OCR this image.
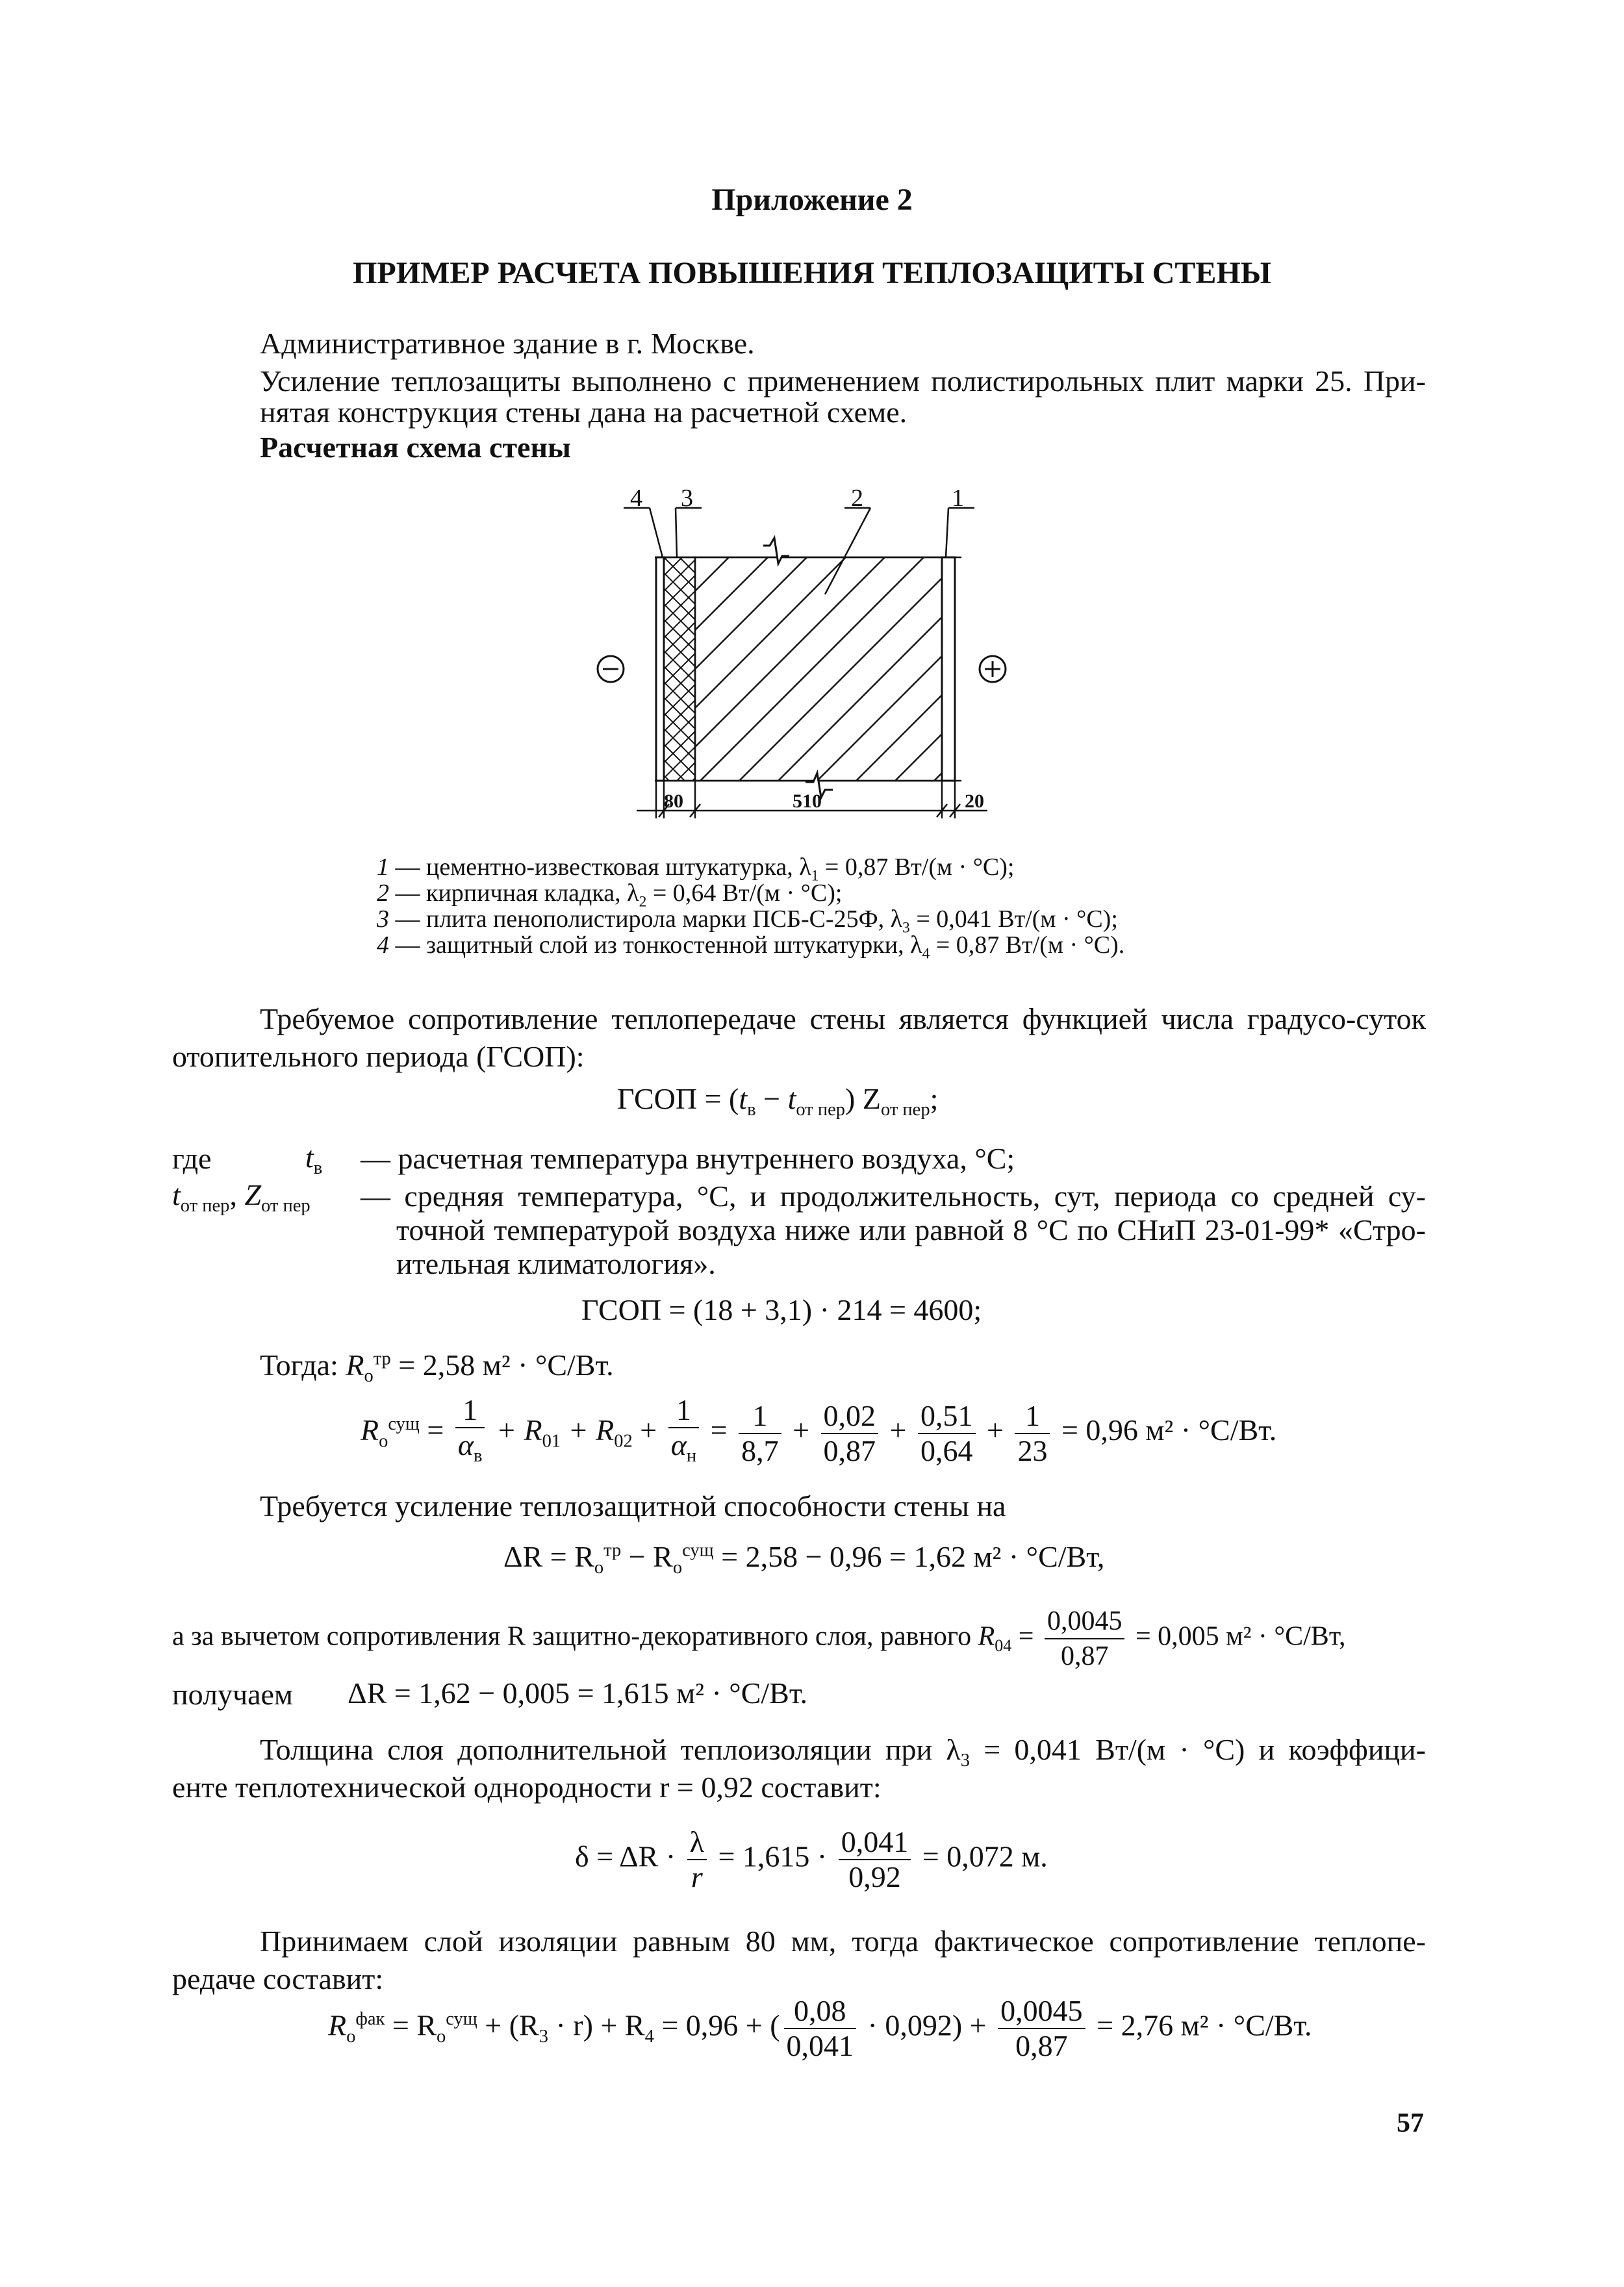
Приложение 2
ПРИМЕР РАСЧЕТА ПОВЫШЕНИЯ ТЕПЛОЗАЩИТЫ СТЕНЫ
Административное здание в г. Москве.
Усиление теплозащиты выполнено с применением полистирольных плит марки 25. При-
нятая конструкция стены дана на расчетной схеме.
Расчетная схема стены
4 3	2	1
80	510	20
1 — цементно-известковая штукатурка, $\lambda_1 = 0,87$ Вт/(м · °С);
2 — кирпичная кладка, $\lambda_2 = 0,64$ Вт/(м · °С);
3 — плита пенополистирола марки ПСБ-С-25Ф, $\lambda_3 = 0,041$ Вт/(м · °С);
4 — защитный слой из тонкостенной штукатурки, $\lambda_4 = 0,87$ Вт/(м · °С).
Требуемое сопротивление теплопередаче стены является функцией числа градусо-суток
отопительного периода (ГСОП):
ГСОП = $(t_в - t_{от пер})$ $Z_{от пер}$;
где	$t_в$ — расчетная температура внутреннего воздуха, °С;
$t_{от пер}$, $Z_{от пер}$ — средняя температура, °С, и продолжительность, сут, периода со средней су-
точной температурой воздуха ниже или равной 8 °С по СНиП 23-01-99* «Стро-
ительная климатология».
ГСОП = (18 + 3,1) · 214 = 4600;
Тогда: $R_о^{тр} = 2,58$ м² · °С/Вт.
$R_о^{сущ} = \frac{1}{\alpha_в} + R_{01} + R_{02} + \frac{1}{\alpha_н} = \frac{1}{8,7} + \frac{0,02}{0,87} + \frac{0,51}{0,64} + \frac{1}{23} = 0,96$ м² · °С/Вт.
Требуется усиление теплозащитной способности стены на
$\Delta R = R_о^{тр} - R_о^{сущ} = 2,58 - 0,96 = 1,62$ м² · °С/Вт,
а за вычетом сопротивления R защитно-декоративного слоя, равного $R_{04} = \frac{0,0045}{0,87} = 0,005$ м² · °С/Вт,
получаем ΔR = 1,62 − 0,005 = 1,615 м² · °С/Вт.
Толщина слоя дополнительной теплоизоляции при $\lambda_3 = 0,041$ Вт/(м · °С) и коэффици-
енте теплотехнической однородности r = 0,92 составит:
$\delta = \Delta R \cdot \frac{\lambda}{r} = 1,615 \cdot \frac{0,041}{0,92} = 0,072$ м.
Принимаем слой изоляции равным 80 мм, тогда фактическое сопротивление теплопе-
редаче составит:
$R_о^{фак} = R_о^{сущ} + (R_3 \cdot r) + R_4 = 0,96$ + ( $\frac{0,08}{0,041} \cdot 0,092) + \frac{0,0045}{0,87} = 2,76$ м² · °С/Вт.
57
